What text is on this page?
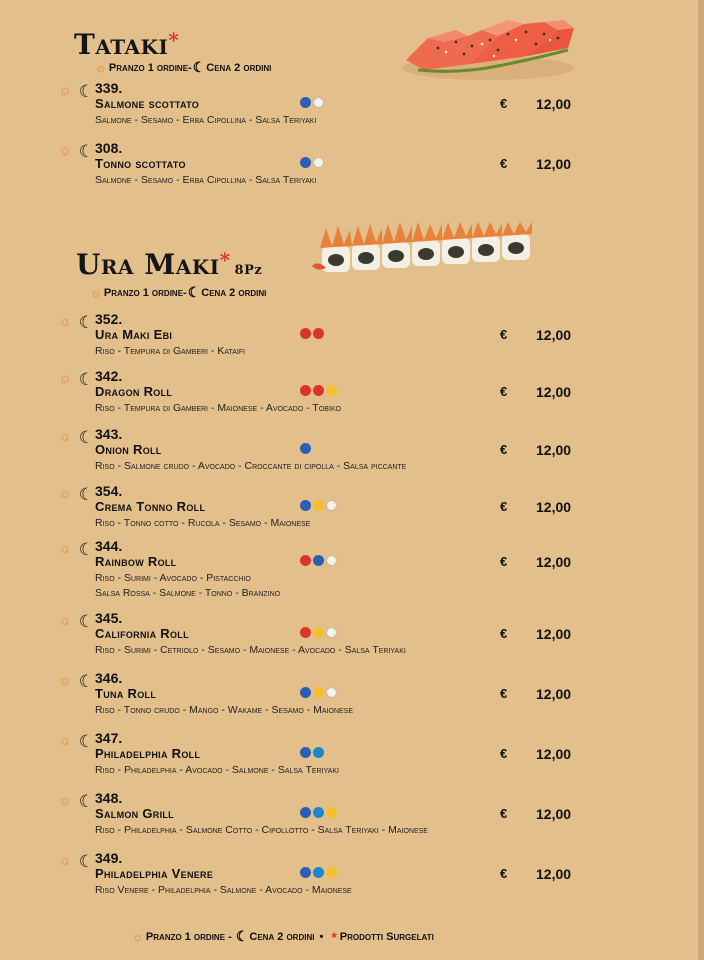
Tataki*
☼ Pranzo 1 ordine - ☾ Cena 2 ordini
Ura Maki* 8Pz
☼ Pranzo 1 ordine - ☾ Cena 2 ordini
☼ ☾ 339.
Salmone scottato
Salmone - Sesamo - Erba Cipollina - Salsa Teriyaki
€ 12,00
☼ ☾ 308.
Tonno scottato
Salmone - Sesamo - Erba Cipollina - Salsa Teriyaki
€ 12,00
☼ ☾ 352.
Ura Maki Ebi
Riso - Tempura di Gamberi - Kataifi
€ 12,00
☼ ☾ 342.
Dragon Roll
Riso - Tempura di Gamberi - Maionese - Avocado - Tobiko
€ 12,00
☼ ☾ 343.
Onion Roll
Riso - Salmone crudo - Avocado - Croccante di cipolla - Salsa piccante
€ 12,00
☼ ☾ 354.
Crema Tonno Roll
Riso - Tonno cotto - Rucola - Sesamo - Maionese
€ 12,00
☼ ☾ 344.
Rainbow Roll
Riso - Surimi - Avocado - Pistacchio
Salsa Rossa - Salmone - Tonno - Branzino
€ 12,00
☼ ☾ 345.
California Roll
Riso - Surimi - Cetriolo - Sesamo - Maionese - Avocado - Salsa Teriyaki
€ 12,00
☼ ☾ 346.
Tuna Roll
Riso - Tonno crudo - Mango - Wakame - Sesamo - Maionese
€ 12,00
☼ ☾ 347.
Philadelphia Roll
Riso - Philadelphia - Avocado - Salmone - Salsa Teriyaki
€ 12,00
☼ ☾ 348.
Salmon Grill
Riso - Philadelphia - Salmone Cotto - Cipollotto - Salsa Teriyaki - Maionese
€ 12,00
☼ ☾ 349.
Philadelphia Venere
Riso Venere - Philadelphia - Salmone - Avocado - Maionese
€ 12,00
☼ Pranzo 1 ordine - ☾ Cena 2 ordini • * Prodotti Surgelati
